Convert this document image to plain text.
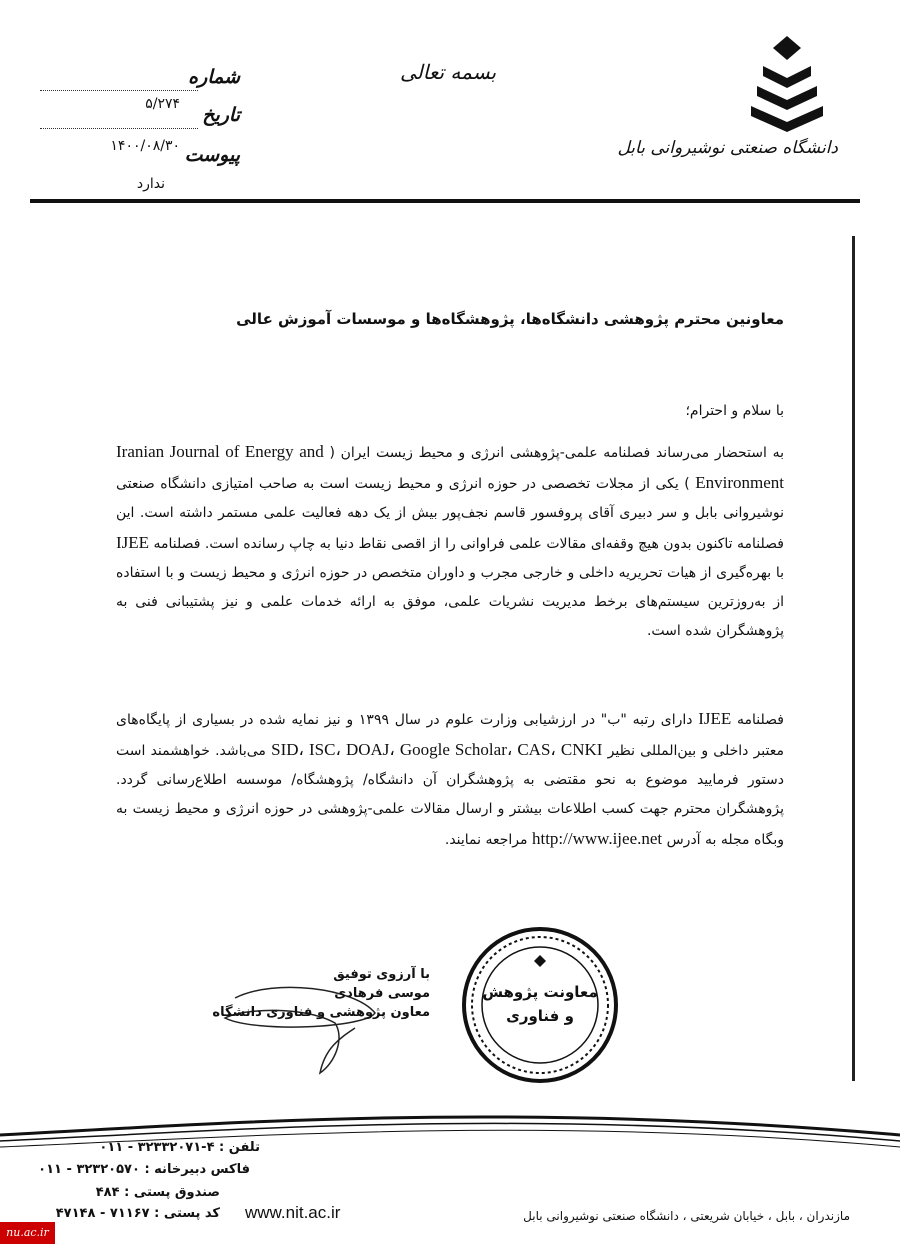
دانشگاه صنعتی نوشیروانی بابل
بسمه تعالی
شماره
۵/۲۷۴ تاریخ
۱۴۰۰/۰۸/۳۰ پیوست
ندارد
معاونین محترم پژوهشی دانشگاه‌ها، پژوهشگاه‌ها و موسسات آموزش عالی
با سلام و احترام؛
به استحضار می‌رساند فصلنامه علمی-پژوهشی انرژی و محیط زیست ایران ( Iranian Journal of Energy and Environment ) یکی از مجلات تخصصی در حوزه انرژی و محیط زیست است به صاحب امتیازی دانشگاه صنعتی نوشیروانی بابل و سر دبیری آقای پروفسور قاسم نجف‌پور بیش از یک دهه فعالیت علمی مستمر داشته است. این فصلنامه تاکنون بدون هیچ وقفه‌ای مقالات علمی فراوانی را از اقصی نقاط دنیا به چاپ رسانده است. فصلنامه IJEE با بهره‌گیری از هیات تحریریه داخلی و خارجی مجرب و داوران متخصص در حوزه انرژی و محیط زیست و با استفاده از به‌روزترین سیستم‌های برخط مدیریت نشریات علمی، موفق به ارائه خدمات علمی و نیز پشتیبانی فنی به پژوهشگران شده است.
فصلنامه IJEE دارای رتبه "ب" در ارزشیابی وزارت علوم در سال ۱۳۹۹ و نیز نمایه شده در بسیاری از پایگاه‌های معتبر داخلی و بین‌المللی نظیر SID، ISC، DOAJ، Google Scholar، CAS، CNKI می‌باشد. خواهشمند است دستور فرمایید موضوع به نحو مقتضی به پژوهشگران آن دانشگاه/ پژوهشگاه/ موسسه اطلاع‌رسانی گردد. پژوهشگران محترم جهت کسب اطلاعات بیشتر و ارسال مقالات علمی-پژوهشی در حوزه انرژی و محیط زیست به وبگاه مجله به آدرس http://www.ijee.net مراجعه نمایند.
با آرزوی توفیق
موسی فرهادی
معاون پژوهشی و فناوری دانشگاه
معاونت پژوهش
و فناوری
تلفن : ۴-۳۲۳۳۲۰۷۱ - ۰۱۱
فاکس دبیرخانه : ۳۲۳۲۰۵۷۰ - ۰۱۱
صندوق پستی : ۴۸۴
کد پستی : ۷۱۱۶۷ - ۴۷۱۴۸ www.nit.ac.ir	مازندران ، بابل ، خیابان شریعتی ، دانشگاه صنعتی نوشیروانی بابل
nu.ac.ir
